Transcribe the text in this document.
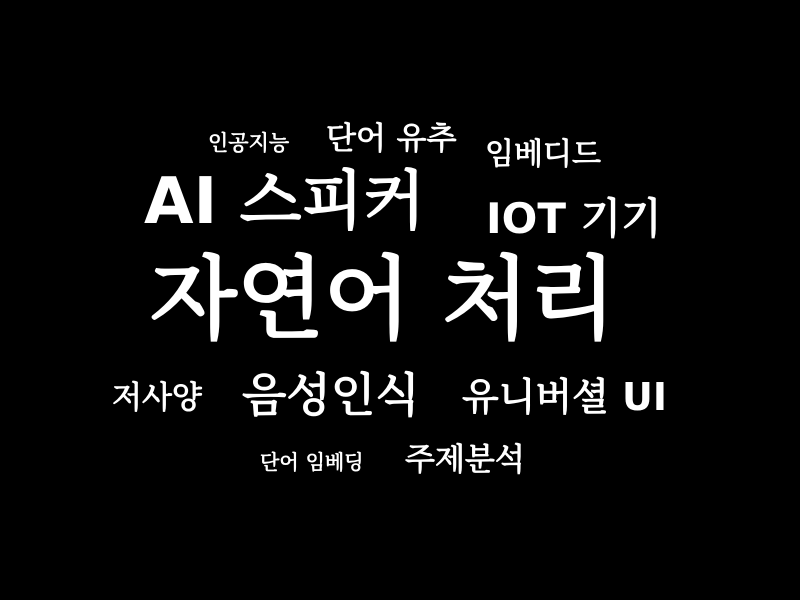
인공지능 단어 유추 임베디드
AI 스피커 IOT 기기
자연어 처리
저사양 음성인식 유니버셜 UI
단어 임베딩 주제분석
